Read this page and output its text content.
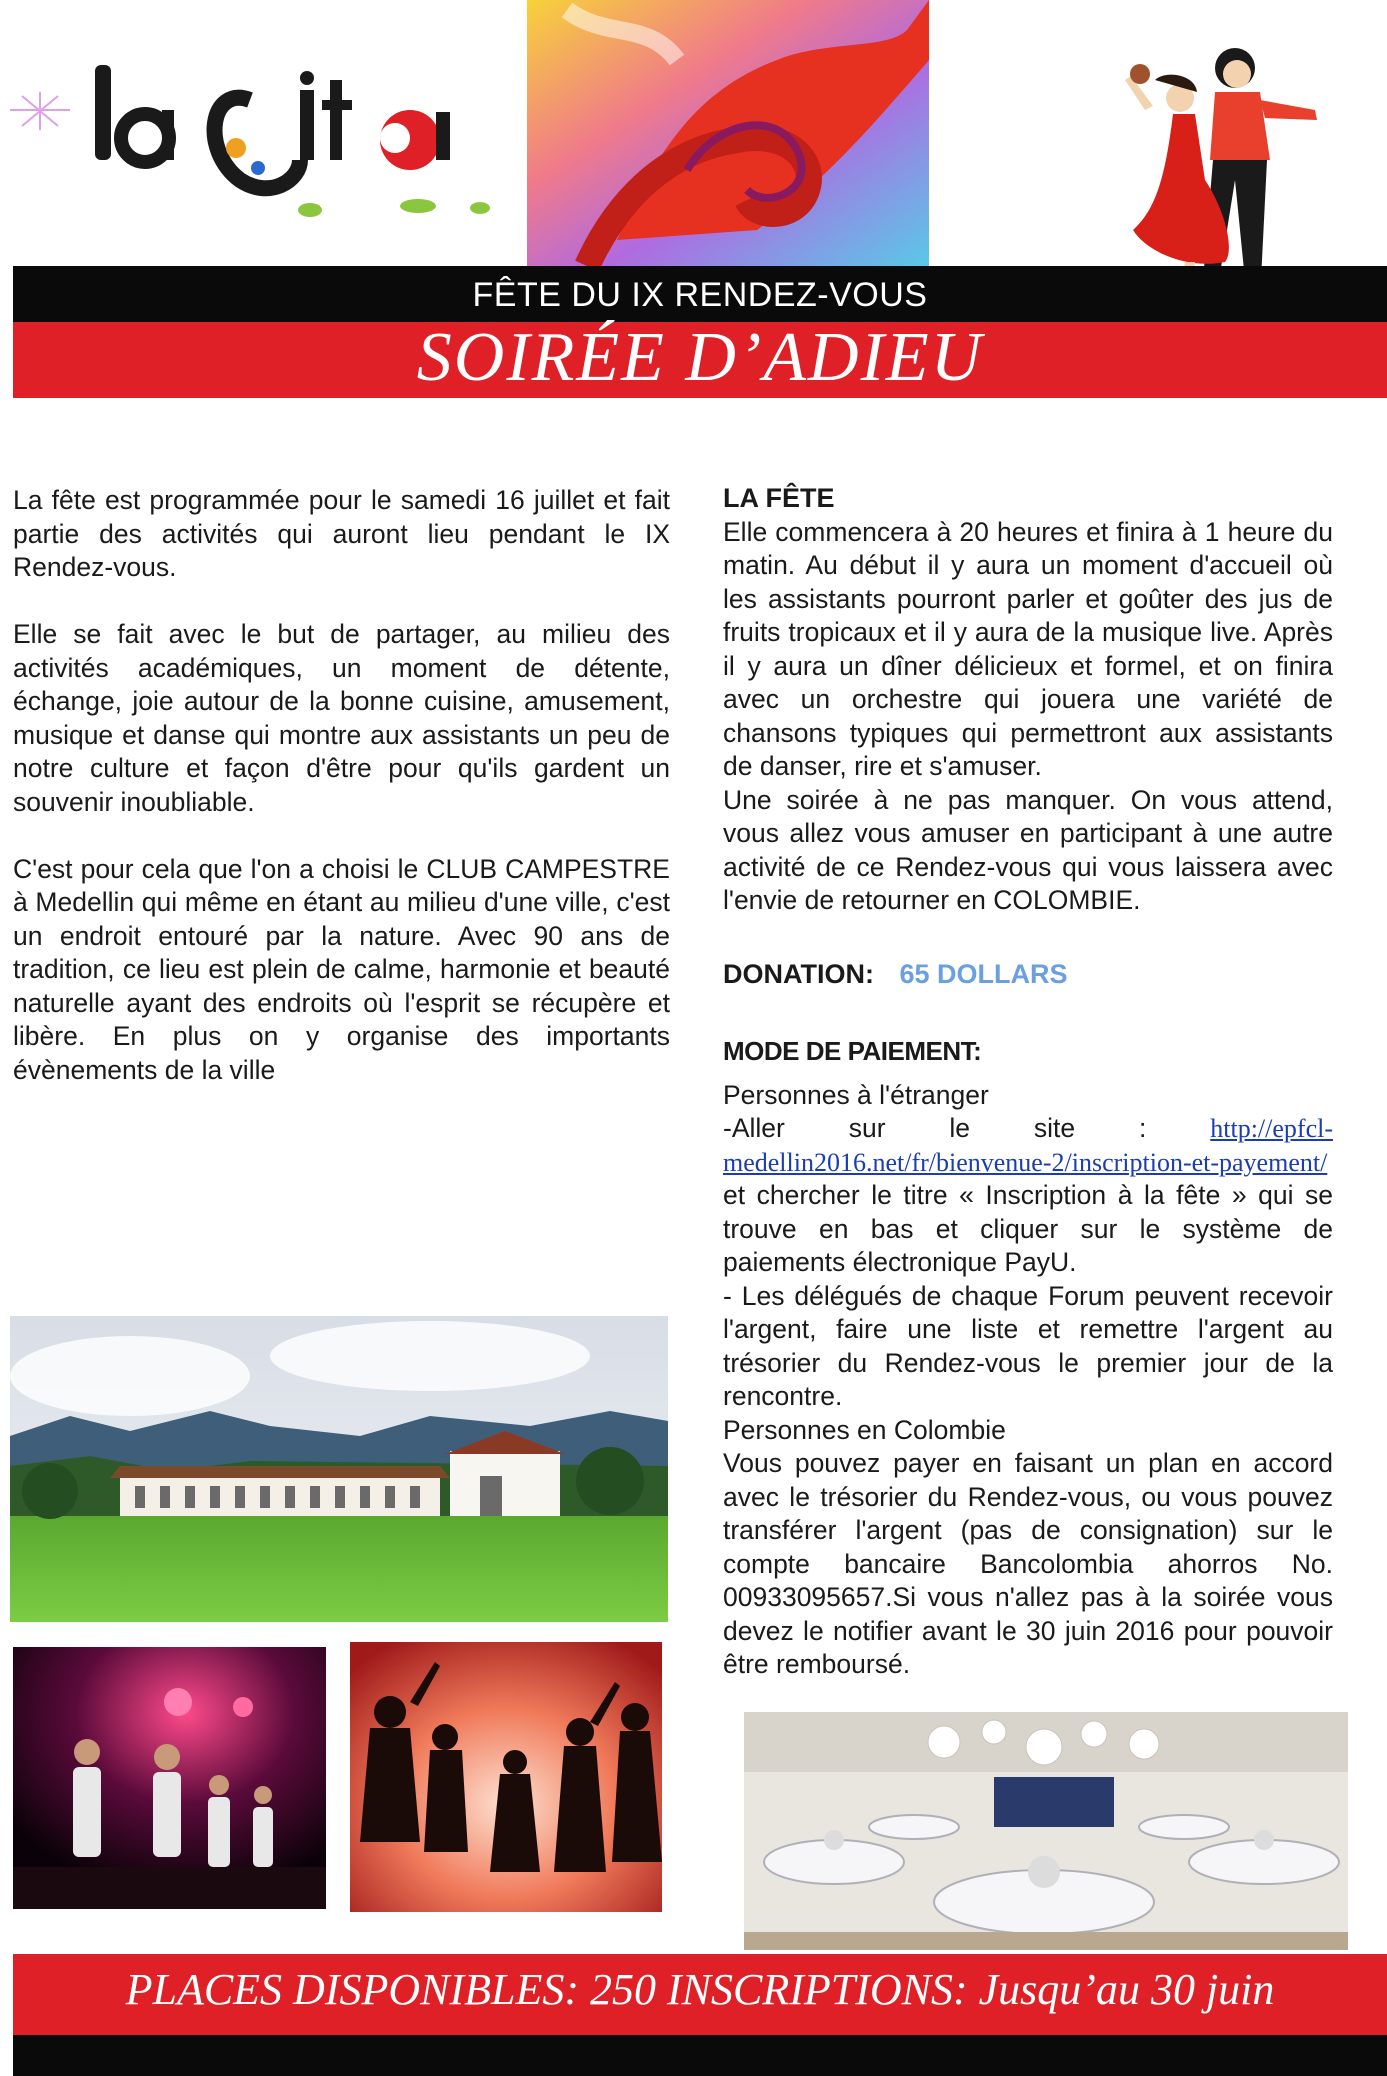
FÊTE DU IX RENDEZ-VOUS
SOIRÉE D’ADIEU

La fête est programmée pour le samedi 16 juillet et fait partie des activités qui auront lieu pendant le IX Rendez-vous.

Elle se fait avec le but de partager, au milieu des activités académiques, un moment de détente, échange, joie autour de la bonne cuisine, amusement, musique et danse qui montre aux assistants un peu de notre culture et façon d'être pour qu'ils gardent un souvenir inoubliable.

C'est pour cela que l'on a choisi le CLUB CAMPESTRE à Medellin qui même en étant au milieu d'une ville, c'est un endroit entouré par la nature. Avec 90 ans de tradition, ce lieu est plein de calme, harmonie et beauté naturelle ayant des endroits où l'esprit se récupère et libère. En plus on y organise des importants évènements de la ville

LA FÊTE

Elle commencera à 20 heures et finira à 1 heure du matin. Au début il y aura un moment d'accueil où les assistants pourront parler et goûter des jus de fruits tropicaux et il y aura de la musique live. Après il y aura un dîner délicieux et formel, et on finira avec un orchestre qui jouera une variété de chansons typiques qui permettront aux assistants de danser, rire et s'amuser.

Une soirée à ne pas manquer. On vous attend, vous allez vous amuser en participant à une autre activité de ce Rendez-vous qui vous laissera avec l'envie de retourner en COLOMBIE.

DONATION: 65 DOLLARS
MODE DE PAIEMENT:
Personnes à l'étranger

-Aller sur le site : http://epfcl-medellin2016.net/fr/bienvenue-2/inscription-et-payement/ et chercher le titre « Inscription à la fête » qui se trouve en bas et cliquer sur le système de paiements électronique PayU.

- Les délégués de chaque Forum peuvent recevoir l'argent, faire une liste et remettre l'argent au trésorier du Rendez-vous le premier jour de la rencontre.

Personnes en Colombie

Vous pouvez payer en faisant un plan en accord avec le trésorier du Rendez-vous, ou vous pouvez transférer l'argent (pas de consignation) sur le compte bancaire Bancolombia ahorros No. 00933095657.Si vous n'allez pas à la soirée vous devez le notifier avant le 30 juin 2016 pour pouvoir être remboursé.

PLACES DISPONIBLES: 250 INSCRIPTIONS: Jusqu’au 30 juin
